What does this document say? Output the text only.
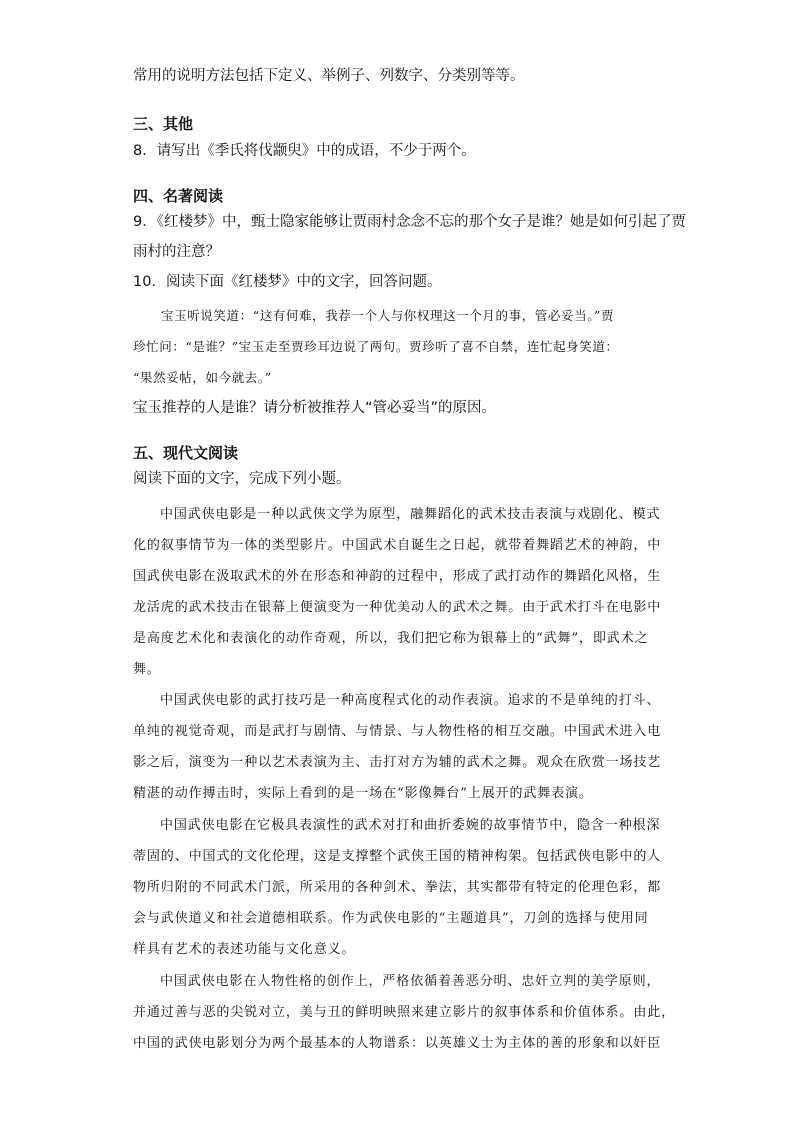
常用的说明方法包括下定义、举例子、列数字、分类别等等。
三、其他
8．请写出《季氏将伐颛臾》中的成语，不少于两个。
四、名著阅读
9．《红楼梦》中，甄士隐家能够让贾雨村念念不忘的那个女子是谁？她是如何引起了贾
雨村的注意？
10．阅读下面《红楼梦》中的文字，回答问题。
宝玉听说笑道：“这有何难，我荐一个人与你权理这一个月的事，管必妥当。”贾
珍忙问：“是谁？”宝玉走至贾珍耳边说了两句。贾珍听了喜不自禁，连忙起身笑道：
“果然妥帖，如今就去。”
宝玉推荐的人是谁？请分析被推荐人“管必妥当”的原因。
五、现代文阅读
阅读下面的文字，完成下列小题。
中国武侠电影是一种以武侠文学为原型，融舞蹈化的武术技击表演与戏剧化、模式
化的叙事情节为一体的类型影片。中国武术自诞生之日起，就带着舞蹈艺术的神韵，中
国武侠电影在汲取武术的外在形态和神韵的过程中，形成了武打动作的舞蹈化风格，生
龙活虎的武术技击在银幕上便演变为一种优美动人的武术之舞。由于武术打斗在电影中
是高度艺术化和表演化的动作奇观，所以，我们把它称为银幕上的“武舞”，即武术之
舞。
中国武侠电影的武打技巧是一种高度程式化的动作表演。追求的不是单纯的打斗、
单纯的视觉奇观，而是武打与剧情、与情景、与人物性格的相互交融。中国武术进入电
影之后，演变为一种以艺术表演为主、击打对方为辅的武术之舞。观众在欣赏一场技艺
精湛的动作搏击时，实际上看到的是一场在“影像舞台”上展开的武舞表演。
中国武侠电影在它极具表演性的武术对打和曲折委婉的故事情节中，隐含一种根深
蒂固的、中国式的文化伦理，这是支撑整个武侠王国的精神构架。包括武侠电影中的人
物所归附的不同武术门派，所采用的各种剑术、拳法，其实都带有特定的伦理色彩，都
会与武侠道义和社会道德相联系。作为武侠电影的“主题道具”，刀剑的选择与使用同
样具有艺术的表述功能与文化意义。
中国武侠电影在人物性格的创作上，严格依循着善恶分明、忠奸立判的美学原则，
并通过善与恶的尖锐对立，美与丑的鲜明映照来建立影片的叙事体系和价值体系。由此，
中国的武侠电影划分为两个最基本的人物谱系：以英雄义士为主体的善的形象和以奸臣
